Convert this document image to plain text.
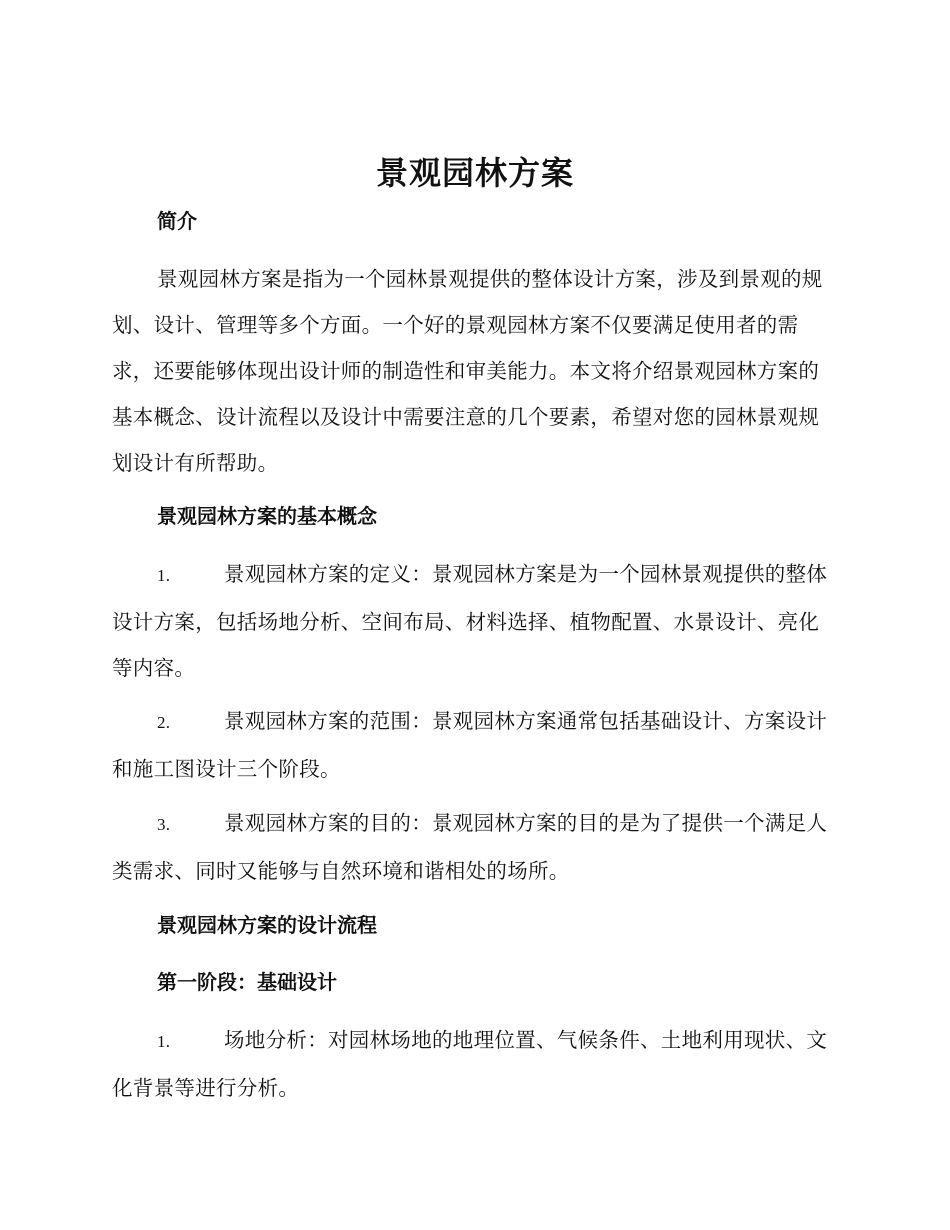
景观园林方案
简介
景观园林方案是指为一个园林景观提供的整体设计方案，涉及到景观的规划、设计、管理等多个方面。一个好的景观园林方案不仅要满足使用者的需求，还要能够体现出设计师的制造性和审美能力。本文将介绍景观园林方案的基本概念、设计流程以及设计中需要注意的几个要素，希望对您的园林景观规划设计有所帮助。
景观园林方案的基本概念
1.	景观园林方案的定义：景观园林方案是为一个园林景观提供的整体设计方案，包括场地分析、空间布局、材料选择、植物配置、水景设计、亮化等内容。
2.	景观园林方案的范围：景观园林方案通常包括基础设计、方案设计和施工图设计三个阶段。
3.	景观园林方案的目的：景观园林方案的目的是为了提供一个满足人类需求、同时又能够与自然环境和谐相处的场所。
景观园林方案的设计流程
第一阶段：基础设计
1.	场地分析：对园林场地的地理位置、气候条件、土地利用现状、文化背景等进行分析。
